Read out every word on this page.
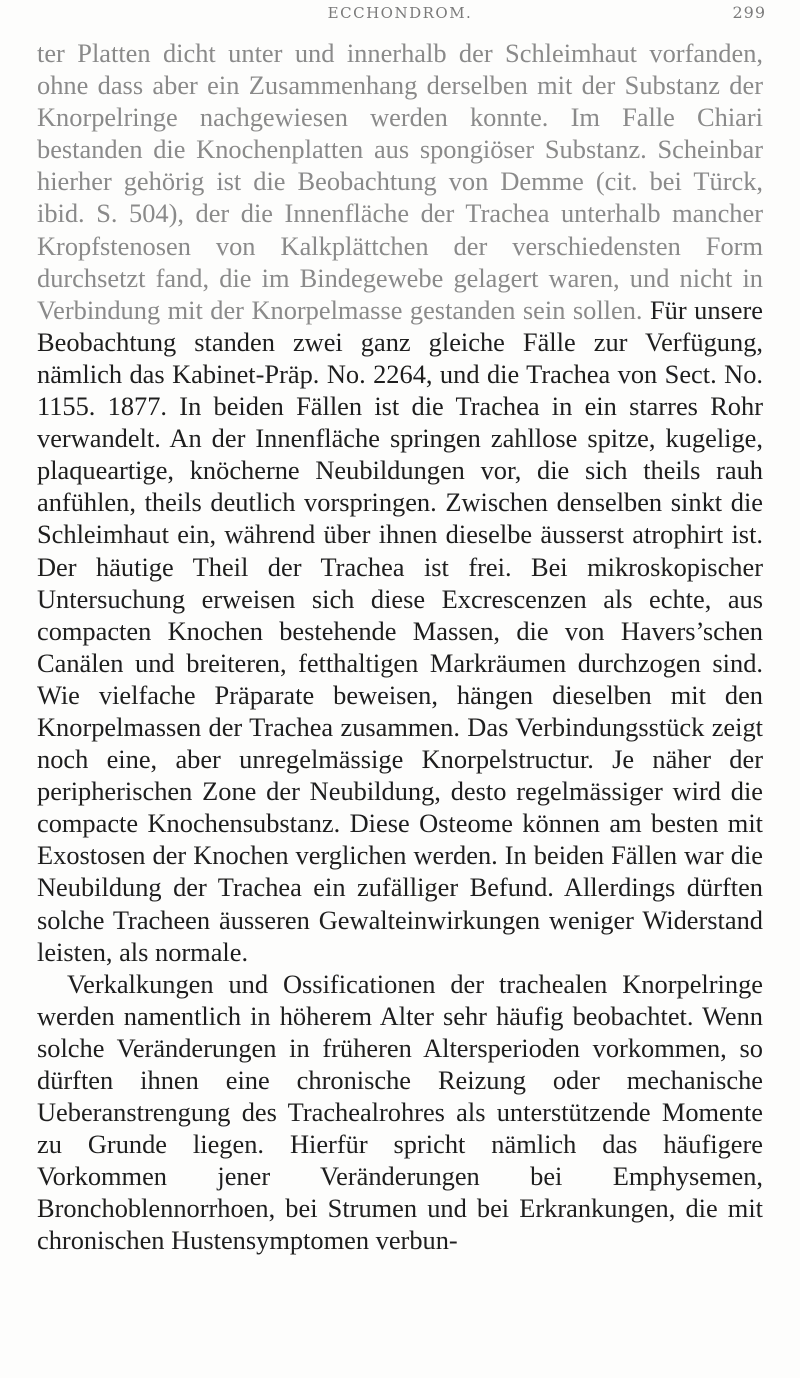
ECCHONDROM.	299

ter Platten dicht unter und innerhalb der Schleimhaut vorfanden, ohne dass aber ein Zusammenhang derselben mit der Substanz der Knorpelringe nachgewiesen werden konnte. Im Falle Chiari bestanden die Knochenplatten aus spongiöser Substanz. Scheinbar hierher gehörig ist die Beobachtung von Demme (cit. bei Türck, ibid. S. 504), der die Innenfläche der Trachea unterhalb mancher Kropfstenosen von Kalkplättchen der verschiedensten Form durchsetzt fand, die im Bindegewebe gelagert waren, und nicht in Verbindung mit der Knorpelmasse gestanden sein sollen. Für unsere Beobachtung standen zwei ganz gleiche Fälle zur Verfügung, nämlich das Kabinet-Präp. No. 2264, und die Trachea von Sect. No. 1155. 1877. In beiden Fällen ist die Trachea in ein starres Rohr verwandelt. An der Innenfläche springen zahllose spitze, kugelige, plaqueartige, knöcherne Neubildungen vor, die sich theils rauh anfühlen, theils deutlich vorspringen. Zwischen denselben sinkt die Schleimhaut ein, während über ihnen dieselbe äusserst atrophirt ist. Der häutige Theil der Trachea ist frei. Bei mikroskopischer Untersuchung erweisen sich diese Excrescenzen als echte, aus compacten Knochen bestehende Massen, die von Havers’schen Canälen und breiteren, fetthaltigen Markräumen durchzogen sind. Wie vielfache Präparate beweisen, hängen dieselben mit den Knorpelmassen der Trachea zusammen. Das Verbindungsstück zeigt noch eine, aber unregelmässige Knorpelstructur. Je näher der peripherischen Zone der Neubildung, desto regelmässiger wird die compacte Knochensubstanz. Diese Osteome können am besten mit Exostosen der Knochen verglichen werden. In beiden Fällen war die Neubildung der Trachea ein zufälliger Befund. Allerdings dürften solche Tracheen äusseren Gewalteinwirkungen weniger Widerstand leisten, als normale.

Verkalkungen und Ossificationen der trachealen Knorpelringe werden namentlich in höherem Alter sehr häufig beobachtet. Wenn solche Veränderungen in früheren Altersperioden vorkommen, so dürften ihnen eine chronische Reizung oder mechanische Ueberanstrengung des Trachealrohres als unterstützende Momente zu Grunde liegen. Hierfür spricht nämlich das häufigere Vorkommen jener Veränderungen bei Emphysemen, Bronchoblennorrhoen, bei Strumen und bei Erkrankungen, die mit chronischen Hustensymptomen verbun-
